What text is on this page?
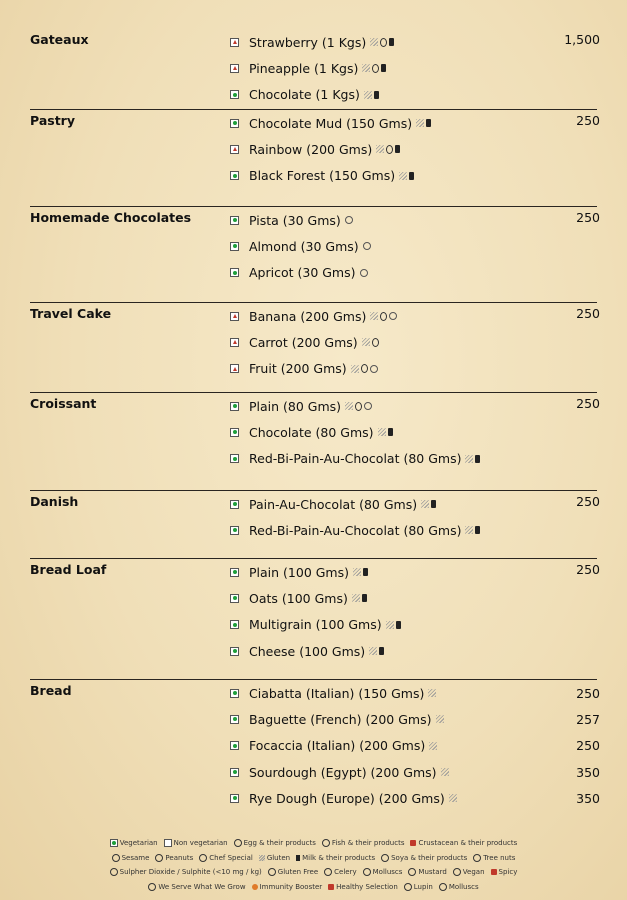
Gateaux	1,500
Strawberry (1 Kgs)
Pineapple (1 Kgs)
Chocolate (1 Kgs)
Pastry	250
Chocolate Mud (150 Gms)
Rainbow (200 Gms)
Black Forest (150 Gms)
Homemade Chocolates	250
Pista (30 Gms)
Almond (30 Gms)
Apricot (30 Gms)
Travel Cake	250
Banana (200 Gms)
Carrot (200 Gms)
Fruit (200 Gms)
Croissant	250
Plain (80 Gms)
Chocolate (80 Gms)
Red-Bi-Pain-Au-Chocolat (80 Gms)
Danish	250
Pain-Au-Chocolat (80 Gms)
Red-Bi-Pain-Au-Chocolat (80 Gms)
Bread Loaf	250
Plain (100 Gms)
Oats (100 Gms)
Multigrain (100 Gms)
Cheese (100 Gms)
Bread	Ciabatta (Italian) (150 Gms)	250
Baguette (French) (200 Gms)	257
Focaccia (Italian) (200 Gms)	250
Sourdough (Egypt) (200 Gms)	350
Rye Dough (Europe) (200 Gms)	350
Vegetarian Non vegetarian Egg & their products Fish & their products Crustacean & their products
Sesame Peanuts Chef Special Gluten Milk & their products Soya & their products Tree nuts
Sulpher Dioxide / Sulphite (<10 mg / kg) Gluten Free Celery Molluscs Mustard Vegan Spicy
We Serve What We Grow Immunity Booster Healthy Selection Lupin Molluscs
